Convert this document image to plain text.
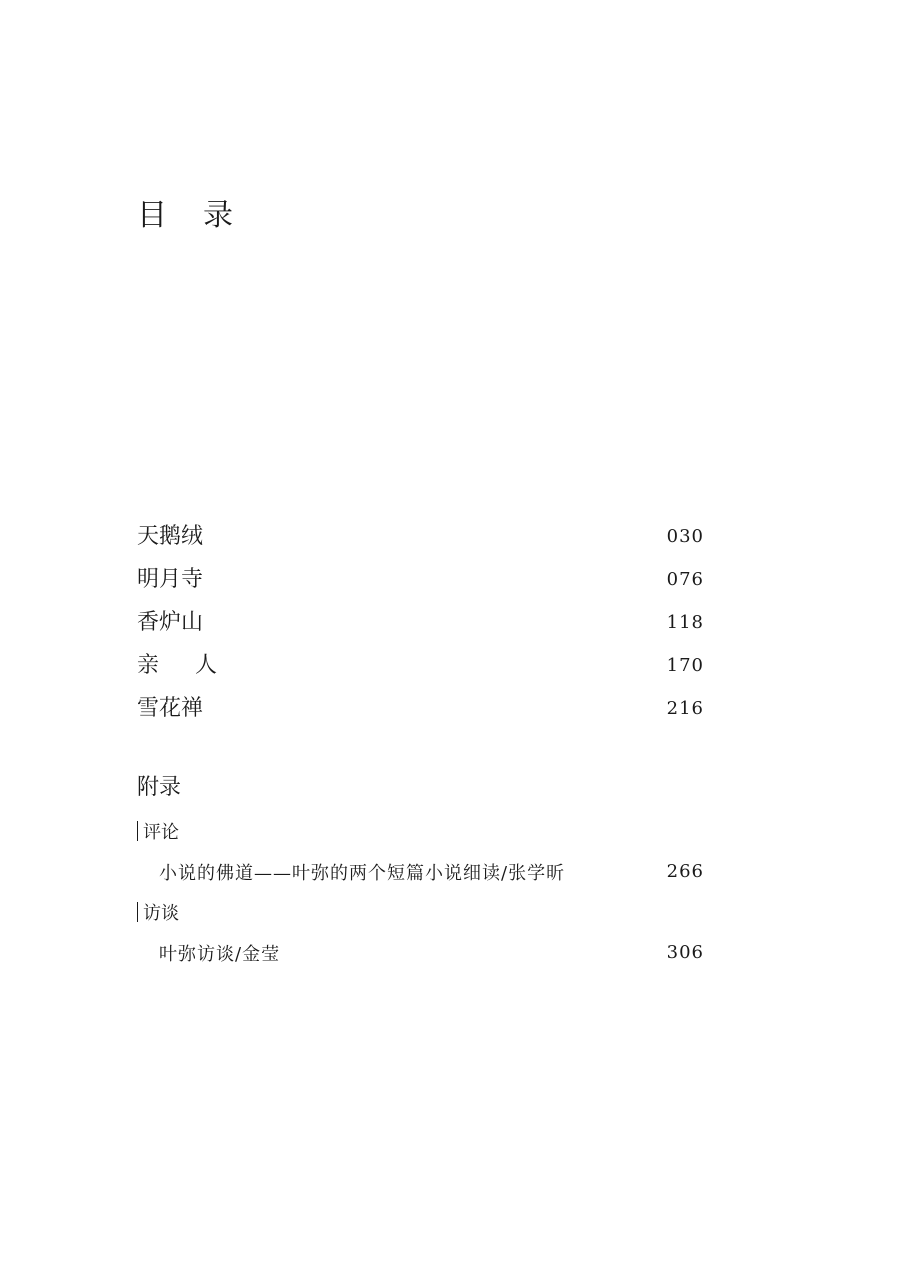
目录
天鹅绒	030
明月寺	076
香炉山	118
亲人	170
雪花禅	216
附录
评论
小说的佛道——叶弥的两个短篇小说细读/张学昕	266
访谈
叶弥访谈/金莹	306
